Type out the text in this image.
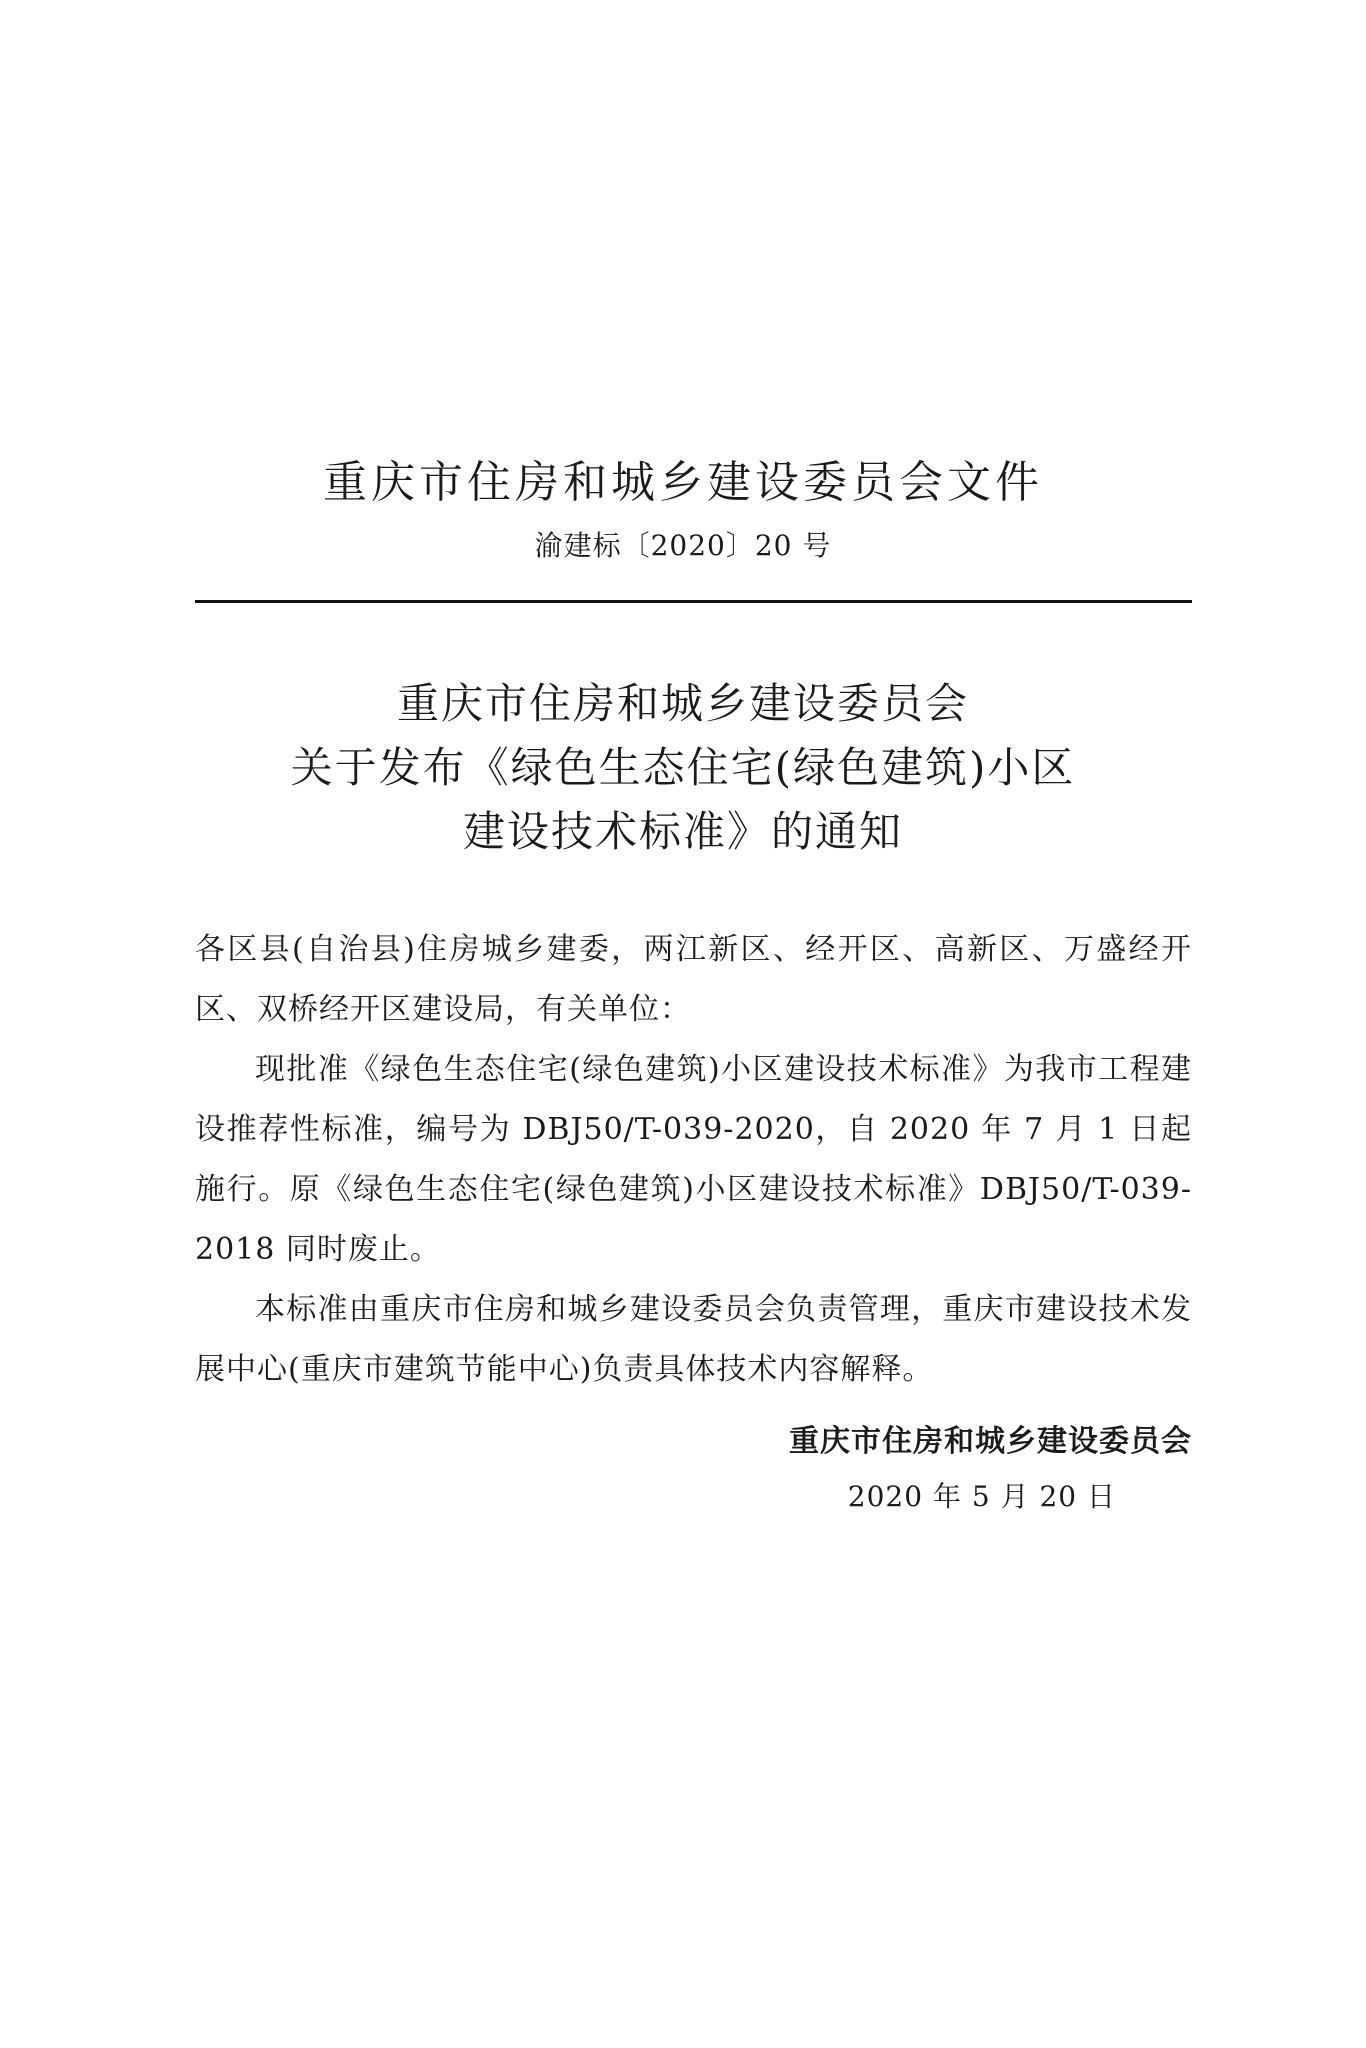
重庆市住房和城乡建设委员会文件
渝建标〔2020〕20 号
重庆市住房和城乡建设委员会
关于发布《绿色生态住宅(绿色建筑)小区
建设技术标准》的通知

各区县(自治县)住房城乡建委，两江新区、经开区、高新区、万盛经开区、双桥经开区建设局，有关单位：

现批准《绿色生态住宅(绿色建筑)小区建设技术标准》为我市工程建设推荐性标准，编号为 DBJ50/T-039-2020，自 2020 年 7 月 1 日起施行。原《绿色生态住宅(绿色建筑)小区建设技术标准》DBJ50/T-039-2018 同时废止。

本标准由重庆市住房和城乡建设委员会负责管理，重庆市建设技术发展中心(重庆市建筑节能中心)负责具体技术内容解释。

重庆市住房和城乡建设委员会
2020 年 5 月 20 日
